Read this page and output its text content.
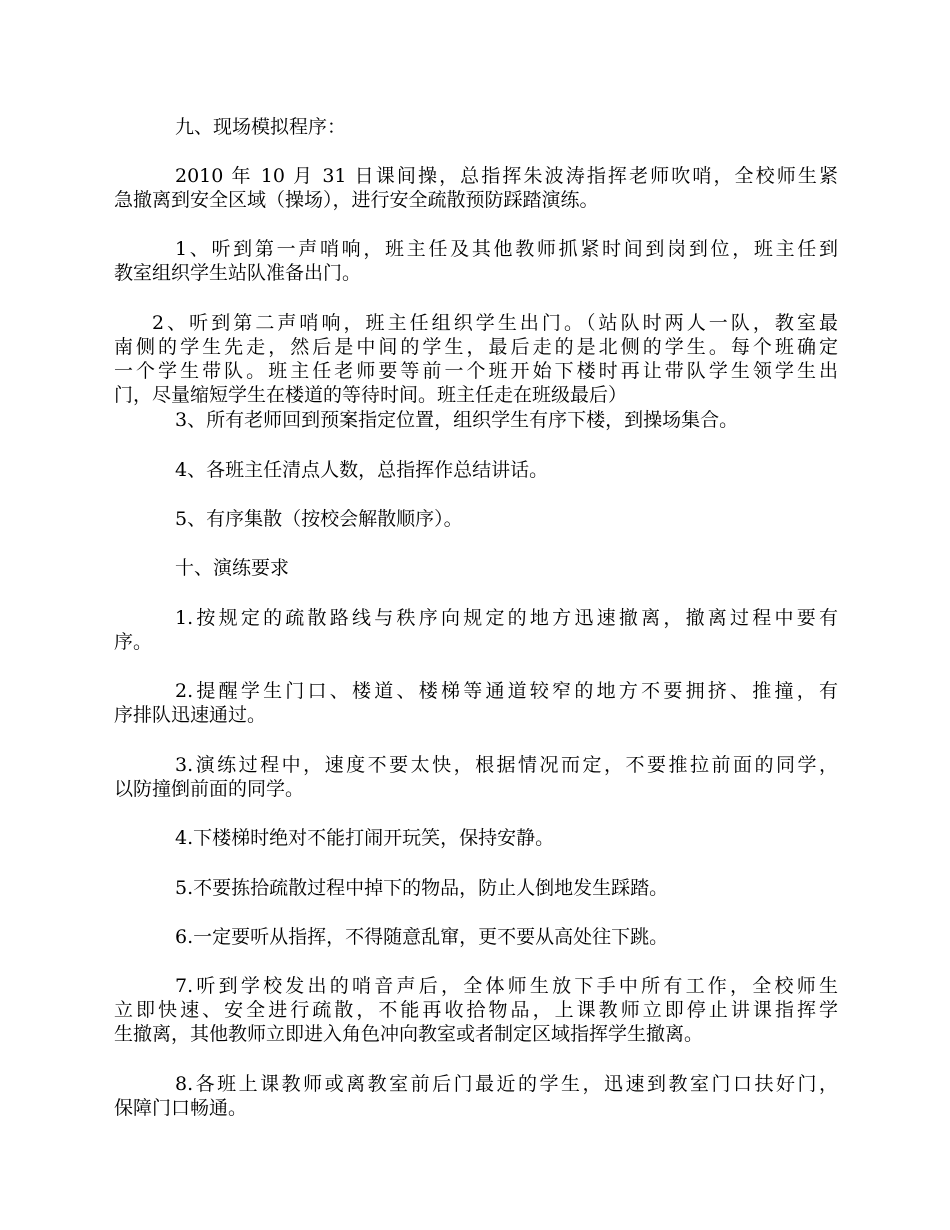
九、现场模拟程序：
2010 年 10 月 31 日课间操，总指挥朱波涛指挥老师吹哨，全校师生紧
急撤离到安全区域（操场），进行安全疏散预防踩踏演练。
1、听到第一声哨响，班主任及其他教师抓紧时间到岗到位，班主任到
教室组织学生站队准备出门。
2、听到第二声哨响，班主任组织学生出门。（站队时两人一队，教室最
南侧的学生先走，然后是中间的学生，最后走的是北侧的学生。每个班确定
一个学生带队。班主任老师要等前一个班开始下楼时再让带队学生领学生出
门，尽量缩短学生在楼道的等待时间。班主任走在班级最后）
3、所有老师回到预案指定位置，组织学生有序下楼，到操场集合。
4、各班主任清点人数，总指挥作总结讲话。
5、有序集散（按校会解散顺序）。
十、演练要求
1.按规定的疏散路线与秩序向规定的地方迅速撤离，撤离过程中要有
序。
2.提醒学生门口、楼道、楼梯等通道较窄的地方不要拥挤、推撞，有
序排队迅速通过。
3.演练过程中，速度不要太快，根据情况而定，不要推拉前面的同学，
以防撞倒前面的同学。
4.下楼梯时绝对不能打闹开玩笑，保持安静。
5.不要拣拾疏散过程中掉下的物品，防止人倒地发生踩踏。
6.一定要听从指挥，不得随意乱窜，更不要从高处往下跳。
7.听到学校发出的哨音声后，全体师生放下手中所有工作，全校师生
立即快速、安全进行疏散，不能再收拾物品，上课教师立即停止讲课指挥学
生撤离，其他教师立即进入角色冲向教室或者制定区域指挥学生撤离。
8.各班上课教师或离教室前后门最近的学生，迅速到教室门口扶好门，
保障门口畅通。
